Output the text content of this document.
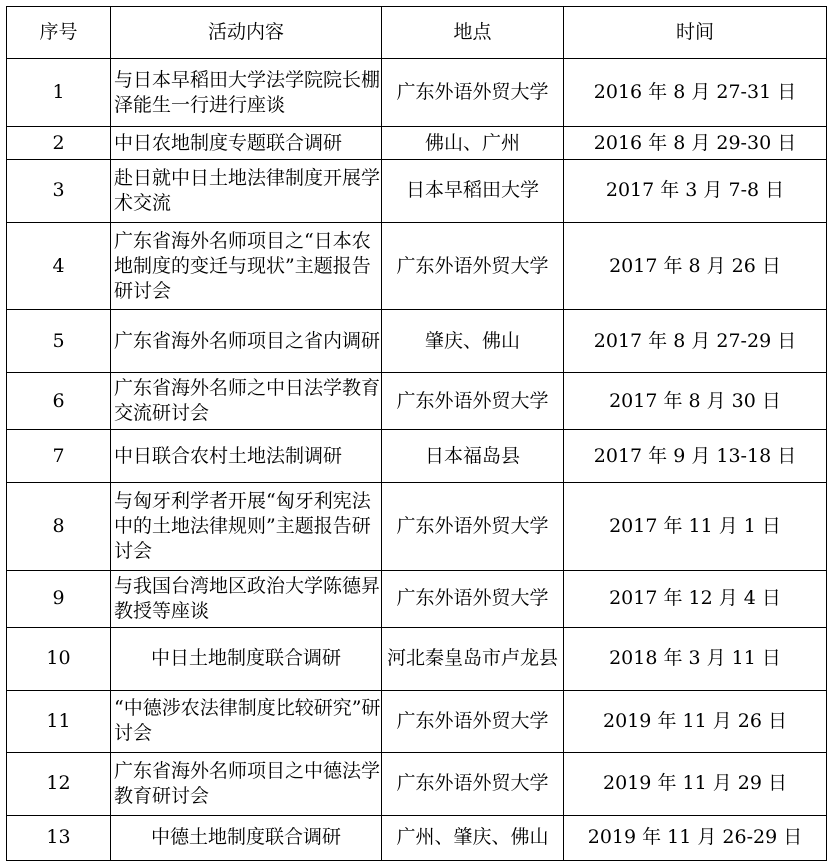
序号	活动内容	地点	时间
1	与日本早稻田大学法学院院长棚泽能生一行进行座谈	广东外语外贸大学	2016 年 8 月 27-31 日
2	中日农地制度专题联合调研	佛山、广州	2016 年 8 月 29-30 日
3	赴日就中日土地法律制度开展学术交流	日本早稻田大学	2017 年 3 月 7-8 日
4	广东省海外名师项目之“日本农地制度的变迁与现状”主题报告研讨会	广东外语外贸大学	2017 年 8 月 26 日
5	广东省海外名师项目之省内调研	肇庆、佛山	2017 年 8 月 27-29 日
6	广东省海外名师之中日法学教育交流研讨会	广东外语外贸大学	2017 年 8 月 30 日
7	中日联合农村土地法制调研	日本福岛县	2017 年 9 月 13-18 日
8	与匈牙利学者开展“匈牙利宪法中的土地法律规则”主题报告研讨会	广东外语外贸大学	2017 年 11 月 1 日
9	与我国台湾地区政治大学陈德昇教授等座谈	广东外语外贸大学	2017 年 12 月 4 日
10	中日土地制度联合调研	河北秦皇岛市卢龙县	2018 年 3 月 11 日
11	“中德涉农法律制度比较研究”研讨会	广东外语外贸大学	2019 年 11 月 26 日
12	广东省海外名师项目之中德法学教育研讨会	广东外语外贸大学	2019 年 11 月 29 日
13	中德土地制度联合调研	广州、肇庆、佛山	2019 年 11 月 26-29 日
